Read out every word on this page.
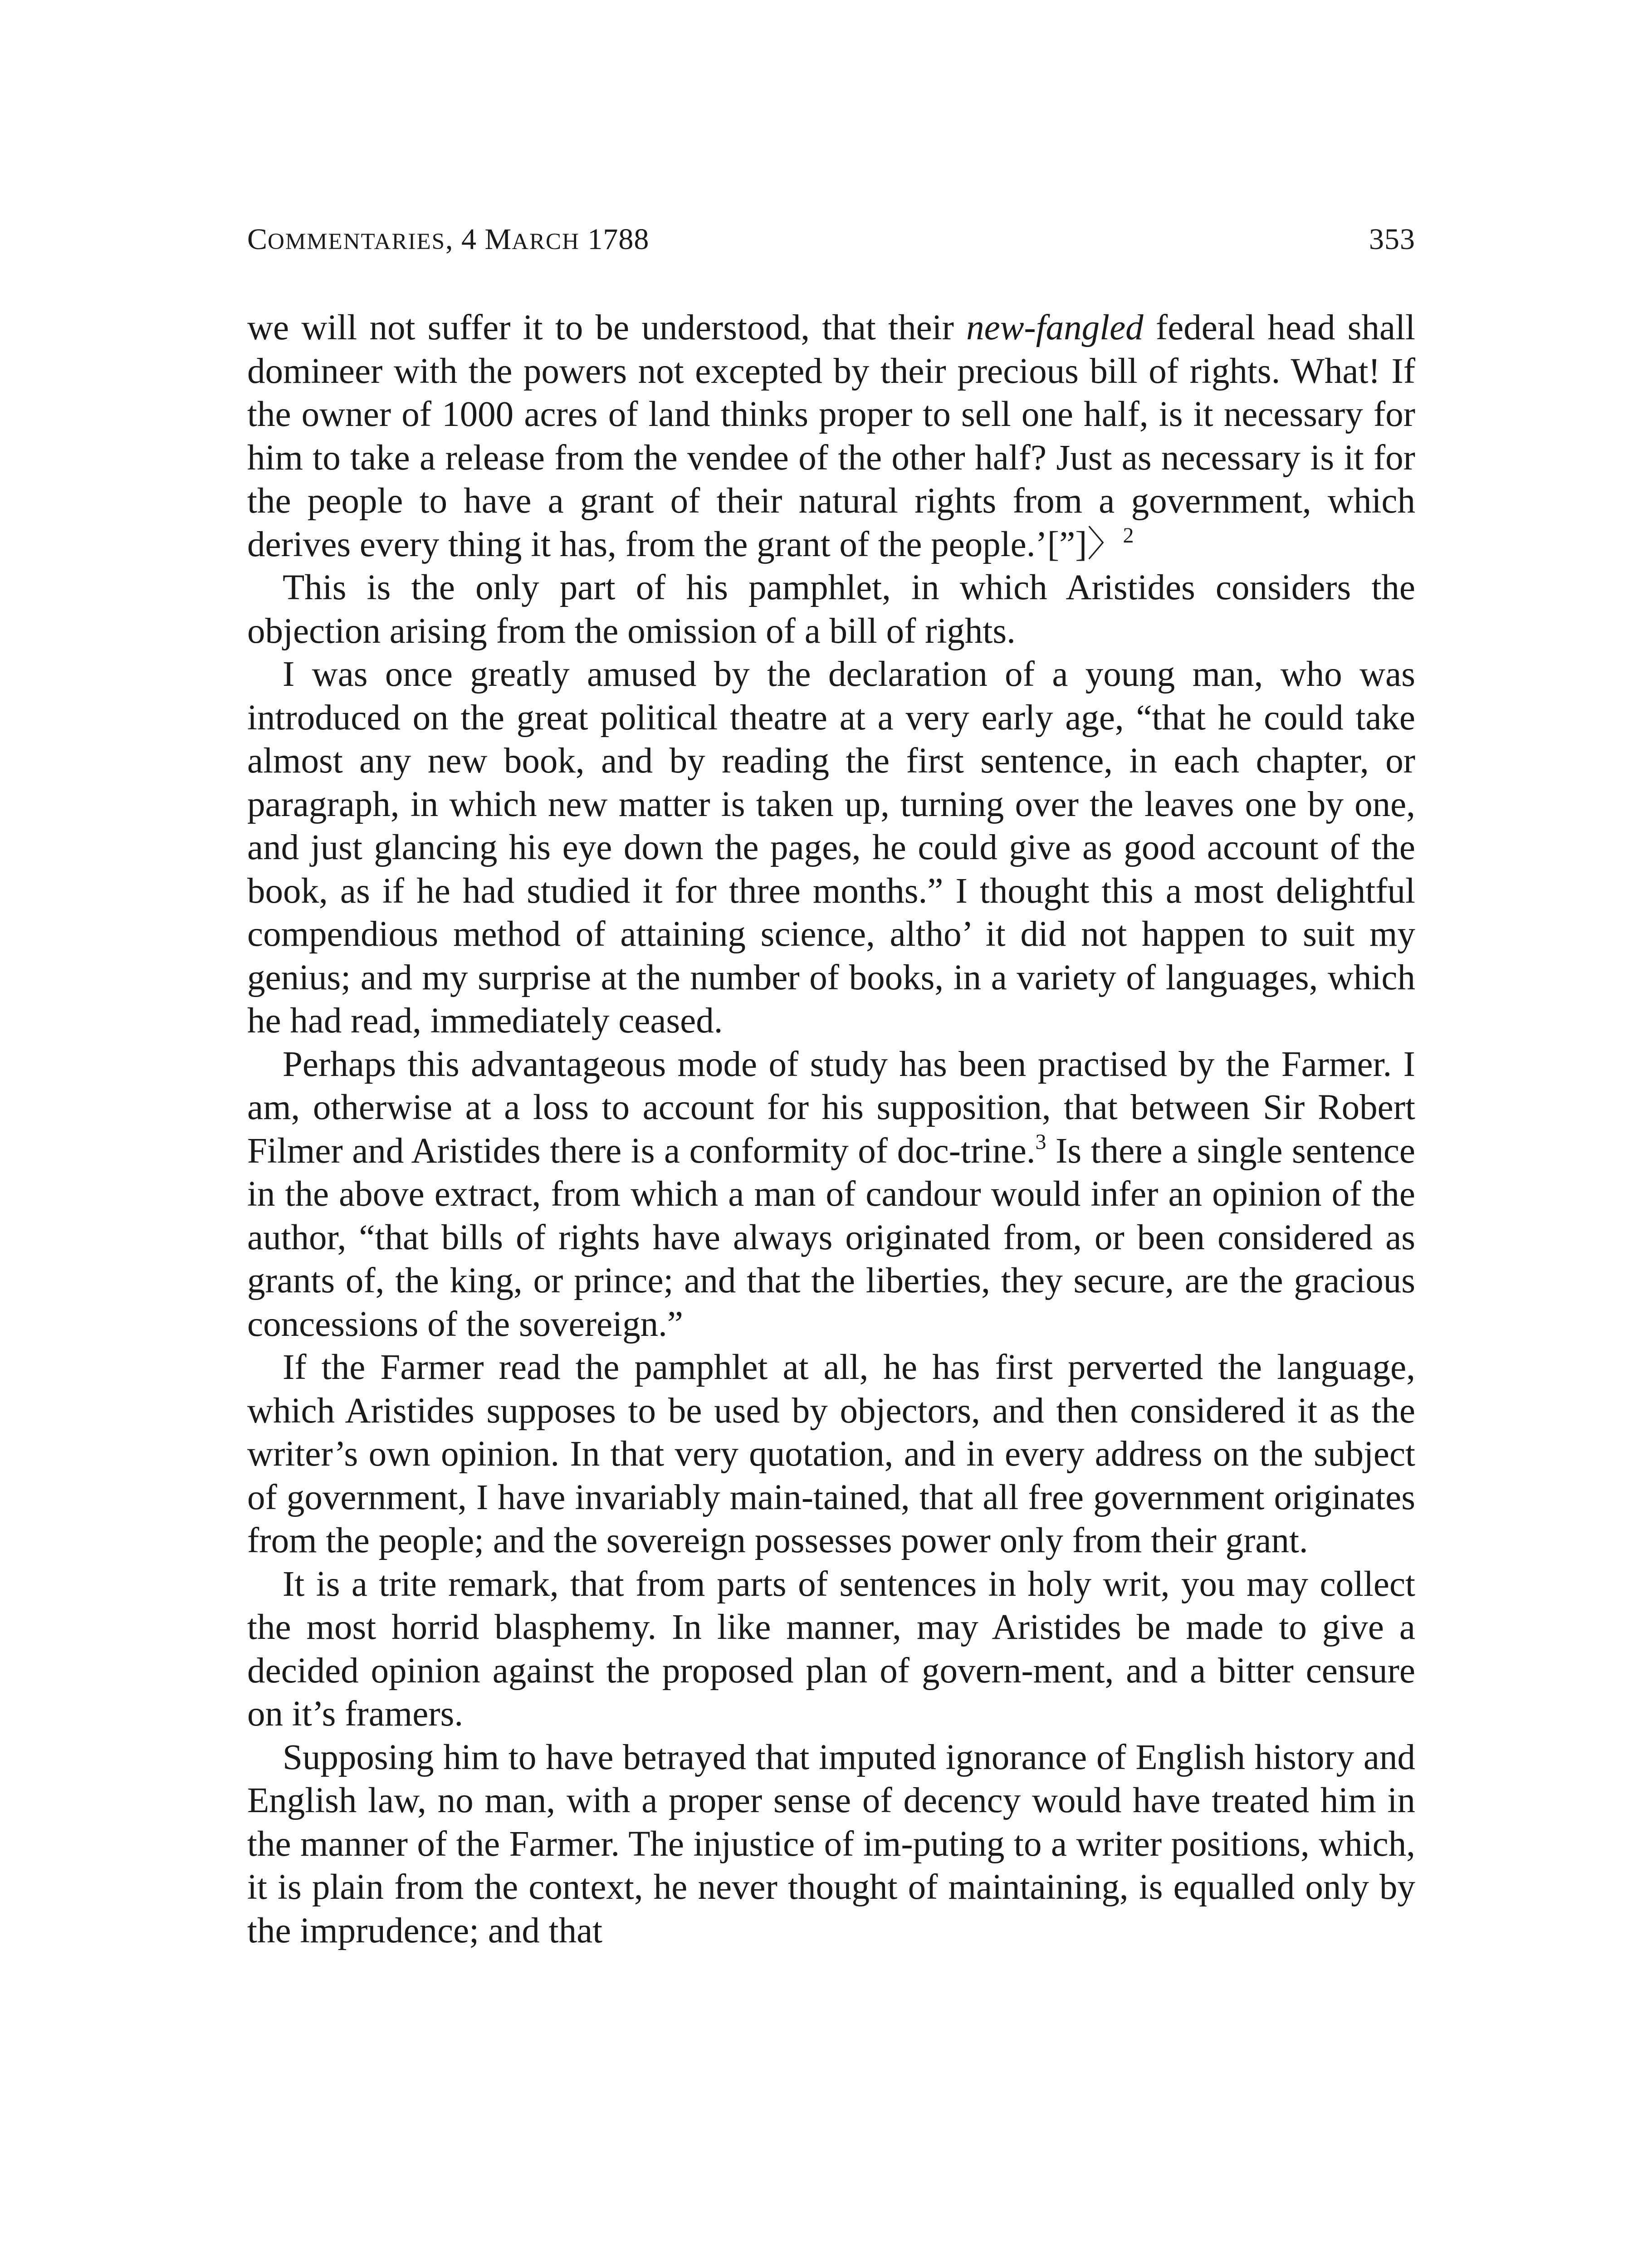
COMMENTARIES, 4 MARCH 1788	353

we will not suffer it to be understood, that their new-fangled federal head shall domineer with the powers not excepted by their precious bill of rights. What! If the owner of 1000 acres of land thinks proper to sell one half, is it necessary for him to take a release from the vendee of the other half? Just as necessary is it for the people to have a grant of their natural rights from a government, which derives every thing it has, from the grant of the people.’[”]〉$^2$

This is the only part of his pamphlet, in which Aristides considers the objection arising from the omission of a bill of rights.

I was once greatly amused by the declaration of a young man, who was introduced on the great political theatre at a very early age, “that he could take almost any new book, and by reading the first sentence, in each chapter, or paragraph, in which new matter is taken up, turning over the leaves one by one, and just glancing his eye down the pages, he could give as good account of the book, as if he had studied it for three months.” I thought this a most delightful compendious method of attaining science, altho’ it did not happen to suit my genius; and my surprise at the number of books, in a variety of languages, which he had read, immediately ceased.

Perhaps this advantageous mode of study has been practised by the Farmer. I am, otherwise at a loss to account for his supposition, that between Sir Robert Filmer and Aristides there is a conformity of doc-trine.$^3$ Is there a single sentence in the above extract, from which a man of candour would infer an opinion of the author, “that bills of rights have always originated from, or been considered as grants of, the king, or prince; and that the liberties, they secure, are the gracious concessions of the sovereign.”

If the Farmer read the pamphlet at all, he has first perverted the language, which Aristides supposes to be used by objectors, and then considered it as the writer’s own opinion. In that very quotation, and in every address on the subject of government, I have invariably main-tained, that all free government originates from the people; and the sovereign possesses power only from their grant.

It is a trite remark, that from parts of sentences in holy writ, you may collect the most horrid blasphemy. In like manner, may Aristides be made to give a decided opinion against the proposed plan of govern-ment, and a bitter censure on it’s framers.

Supposing him to have betrayed that imputed ignorance of English history and English law, no man, with a proper sense of decency would have treated him in the manner of the Farmer. The injustice of im-puting to a writer positions, which, it is plain from the context, he never thought of maintaining, is equalled only by the imprudence; and that
